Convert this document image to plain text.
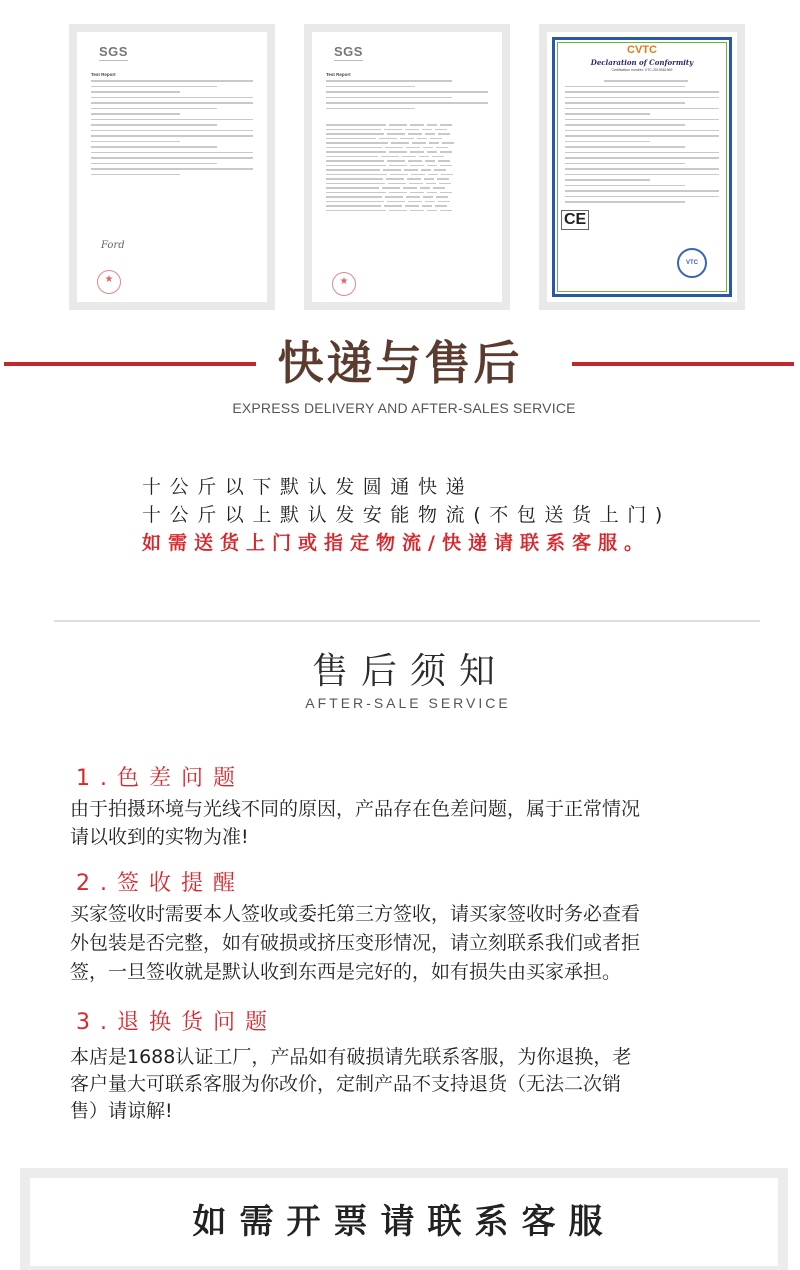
SGS
Test Report
Ford
★
SGS
Test Report
★
CVTC
Declaration of Conformity
Certification number: VTC-2019061969
CE
VTC
快递与售后
EXPRESS DELIVERY AND AFTER-SALES SERVICE
十公斤以下默认发圆通快递
十公斤以上默认发安能物流(不包送货上门)
如需送货上门或指定物流/快递请联系客服。
售后须知
AFTER-SALE SERVICE
1.色差问题
由于拍摄环境与光线不同的原因，产品存在色差问题，属于正常情况
请以收到的实物为准!
2.签收提醒
买家签收时需要本人签收或委托第三方签收，请买家签收时务必查看
外包装是否完整，如有破损或挤压变形情况，请立刻联系我们或者拒
签，一旦签收就是默认收到东西是完好的，如有损失由买家承担。
3.退换货问题
本店是1688认证工厂，产品如有破损请先联系客服，为你退换，老
客户量大可联系客服为你改价，定制产品不支持退货（无法二次销
售）请谅解!
如需开票请联系客服
